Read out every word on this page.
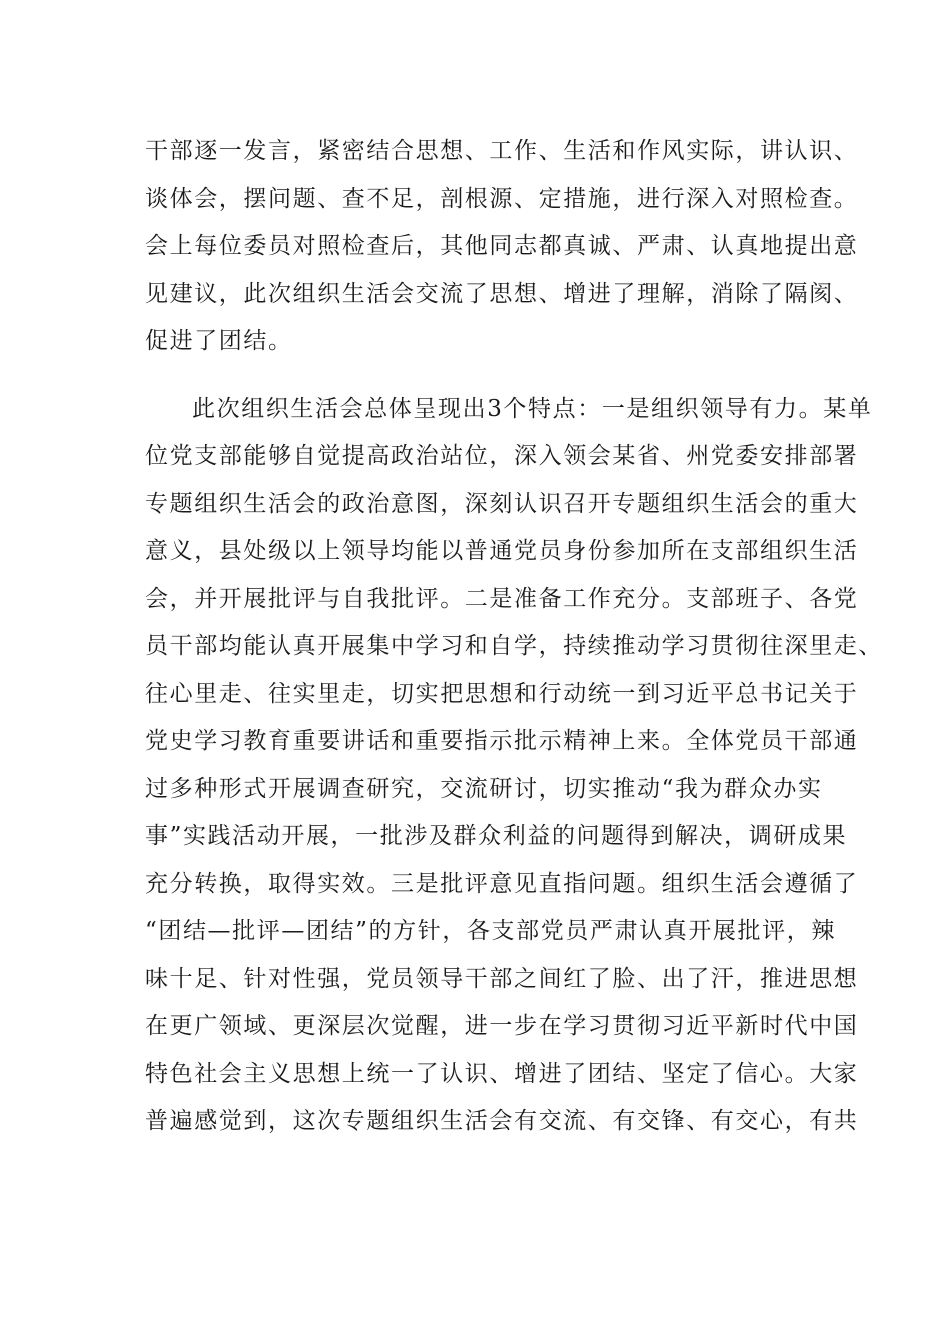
干部逐一发言，紧密结合思想、工作、生活和作风实际，讲认识、
谈体会，摆问题、查不足，剖根源、定措施，进行深入对照检查。
会上每位委员对照检查后，其他同志都真诚、严肃、认真地提出意
见建议，此次组织生活会交流了思想、增进了理解，消除了隔阂、
促进了团结。
此次组织生活会总体呈现出3个特点：一是组织领导有力。某单
位党支部能够自觉提高政治站位，深入领会某省、州党委安排部署
专题组织生活会的政治意图，深刻认识召开专题组织生活会的重大
意义，县处级以上领导均能以普通党员身份参加所在支部组织生活
会，并开展批评与自我批评。二是准备工作充分。支部班子、各党
员干部均能认真开展集中学习和自学，持续推动学习贯彻往深里走、
往心里走、往实里走，切实把思想和行动统一到习近平总书记关于
党史学习教育重要讲话和重要指示批示精神上来。全体党员干部通
过多种形式开展调查研究，交流研讨，切实推动“我为群众办实
事”实践活动开展，一批涉及群众利益的问题得到解决，调研成果
充分转换，取得实效。三是批评意见直指问题。组织生活会遵循了
“团结—批评—团结”的方针，各支部党员严肃认真开展批评，辣
味十足、针对性强，党员领导干部之间红了脸、出了汗，推进思想
在更广领域、更深层次觉醒，进一步在学习贯彻习近平新时代中国
特色社会主义思想上统一了认识、增进了团结、坚定了信心。大家
普遍感觉到，这次专题组织生活会有交流、有交锋、有交心，有共
